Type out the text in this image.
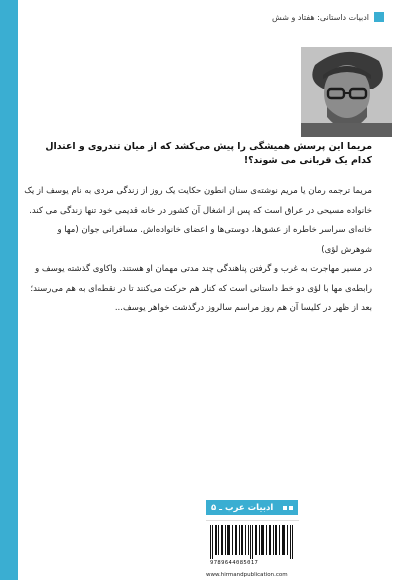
ادبیات داستانی: هفتاد و شش

مریما این پرسش همیشگی را پیش می‌کشد که از میان تندروی و اعتدال کدام یک قربانی می شوند؟!

مریما ترجمه رمان یا مریم نوشته‌ی سنان انطون حکایت یک روز از زندگی مردی به نام یوسف از یک
خانواده مسیحی در عراق است که پس از اشغال آن کشور در خانه قدیمی خود تنها زندگی می کند.
خانه‌ای سراسر خاطره از عشق‌ها، دوستی‌ها و اعضای خانواده‌اش. مسافرانی جوان (مها و شوهرش لؤی)
در مسیر مهاجرت به غرب و گرفتن پناهندگی چند مدتی مهمان او هستند. واکاوی گذشته یوسف و
رابطه‌ی مها با لؤی دو خط داستانی است که کنار هم حرکت می‌کنند تا در نقطه‌ای به هم می‌رسند؛
بعد از ظهر در کلیسا آن هم روز مراسم سالروز درگذشت خواهر یوسف...

ادبیات عرب ـ ۵
9789644085017
www.hirmandpublication.com
